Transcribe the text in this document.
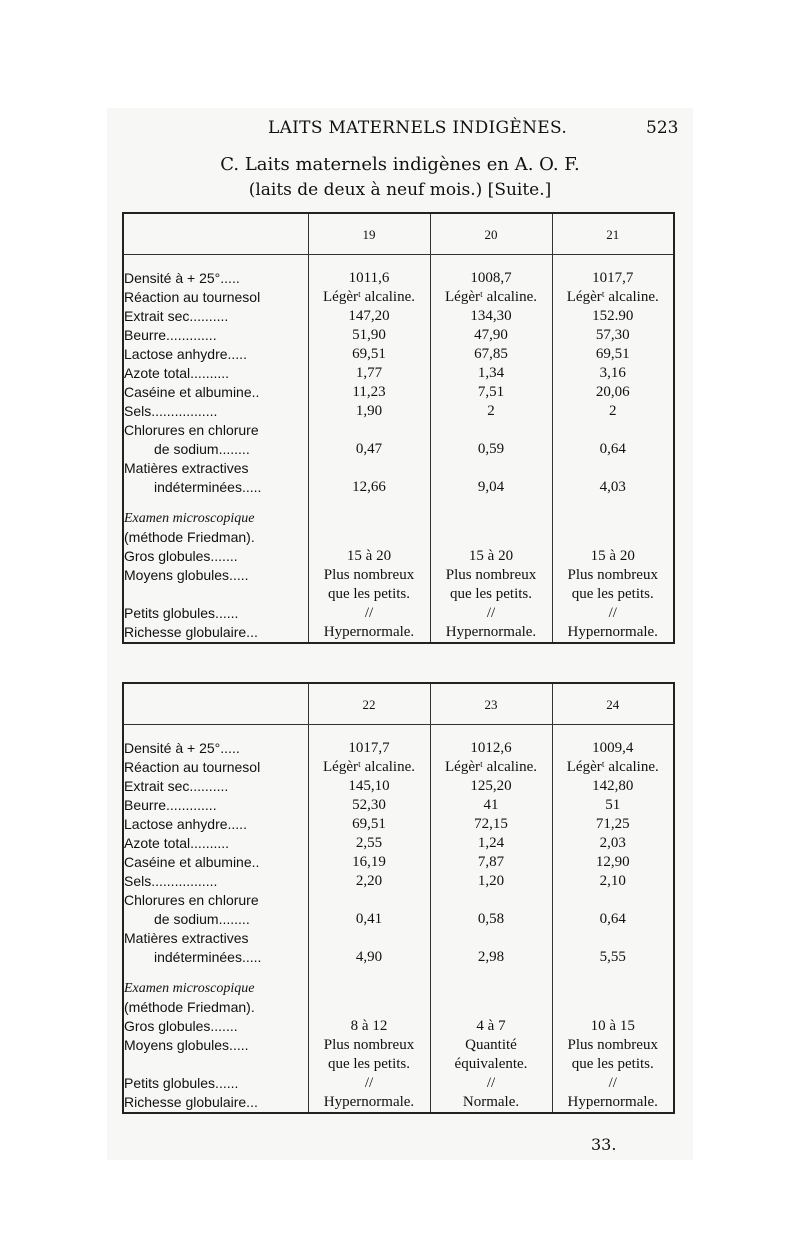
LAITS MATERNELS INDIGÈNES.	523
C. Laits maternels indigènes en A. O. F.
(laits de deux à neuf mois.) [Suite.]
	19	20	21

Densité à + 25°.....	1011,6	1008,7	1017,7
Réaction au tournesol	Légèrᵗ alcaline.	Légèrᵗ alcaline.	Légèrᵗ alcaline.
Extrait sec..........	147,20	134,30	152.90
Beurre.............	51,90	47,90	57,30
Lactose anhydre.....	69,51	67,85	69,51
Azote total..........	1,77	1,34	3,16
Caséine et albumine..	11,23	7,51	20,06
Sels.................	1,90	2	2
Chlorures en chlorure			
de sodium........	0,47	0,59	0,64
Matières extractives			
indéterminées.....	12,66	9,04	4,03

Examen microscopique			
(méthode Friedman).			
Gros globules.......	15 à 20	15 à 20	15 à 20
Moyens globules.....	Plus nombreux	Plus nombreux	Plus nombreux
	que les petits.	que les petits.	que les petits.
Petits globules......	//	//	//
Richesse globulaire...	Hypernormale.	Hypernormale.	Hypernormale.
	22	23	24

Densité à + 25°.....	1017,7	1012,6	1009,4
Réaction au tournesol	Légèrᵗ alcaline.	Légèrᵗ alcaline.	Légèrᵗ alcaline.
Extrait sec..........	145,10	125,20	142,80
Beurre.............	52,30	41	51
Lactose anhydre.....	69,51	72,15	71,25
Azote total..........	2,55	1,24	2,03
Caséine et albumine..	16,19	7,87	12,90
Sels.................	2,20	1,20	2,10
Chlorures en chlorure			
de sodium........	0,41	0,58	0,64
Matières extractives			
indéterminées.....	4,90	2,98	5,55

Examen microscopique			
(méthode Friedman).			
Gros globules.......	8 à 12	4 à 7	10 à 15
Moyens globules.....	Plus nombreux	Quantité	Plus nombreux
	que les petits.	équivalente.	que les petits.
Petits globules......	//	//	//
Richesse globulaire...	Hypernormale.	Normale.	Hypernormale.
33.
